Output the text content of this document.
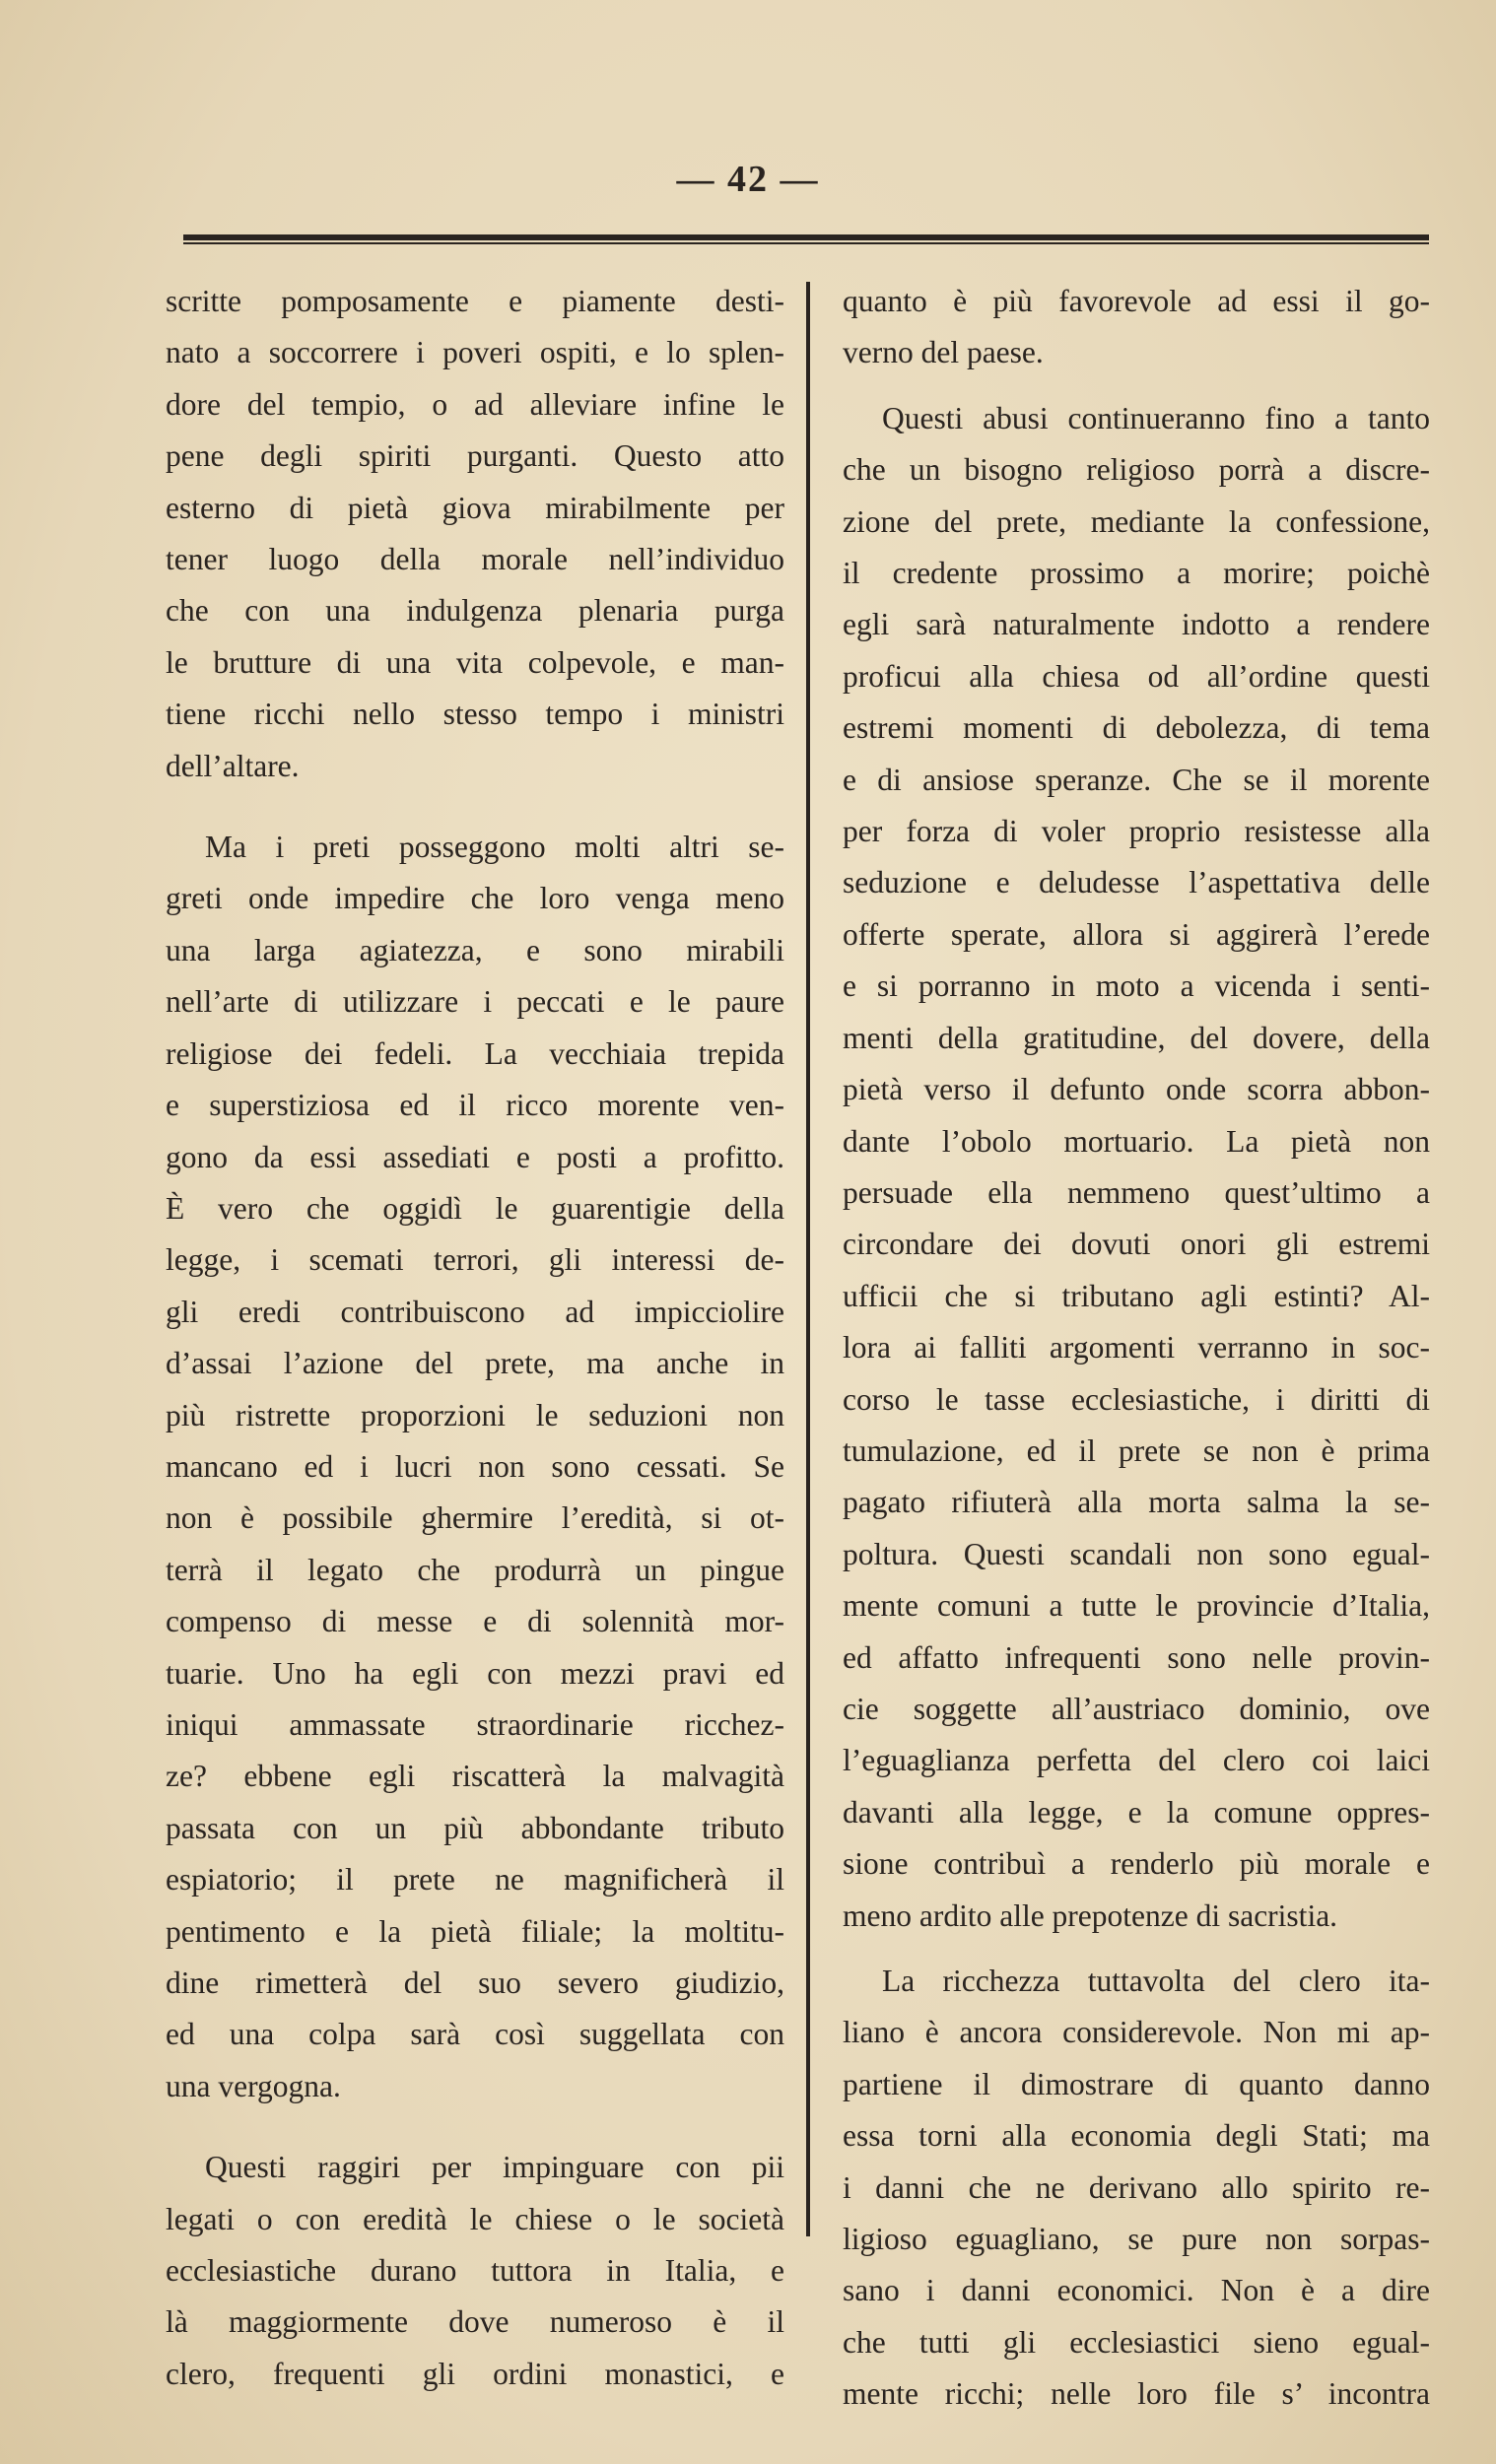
— 42 —
scritte pomposamente e piamente desti-
nato a soccorrere i poveri ospiti, e lo splen-
dore del tempio, o ad alleviare infine le
pene degli spiriti purganti. Questo atto
esterno di pietà giova mirabilmente per
tener luogo della morale nell’individuo
che con una indulgenza plenaria purga
le brutture di una vita colpevole, e man-
tiene ricchi nello stesso tempo i ministri
dell’altare.
Ma i preti posseggono molti altri se-
greti onde impedire che loro venga meno
una larga agiatezza, e sono mirabili
nell’arte di utilizzare i peccati e le paure
religiose dei fedeli. La vecchiaia trepida
e superstiziosa ed il ricco morente ven-
gono da essi assediati e posti a profitto.
È vero che oggidì le guarentigie della
legge, i scemati terrori, gli interessi de-
gli eredi contribuiscono ad impicciolire
d’assai l’azione del prete, ma anche in
più ristrette proporzioni le seduzioni non
mancano ed i lucri non sono cessati. Se
non è possibile ghermire l’eredità, si ot-
terrà il legato che produrrà un pingue
compenso di messe e di solennità mor-
tuarie. Uno ha egli con mezzi pravi ed
iniqui ammassate straordinarie ricchez-
ze? ebbene egli riscatterà la malvagità
passata con un più abbondante tributo
espiatorio; il prete ne magnificherà il
pentimento e la pietà filiale; la moltitu-
dine rimetterà del suo severo giudizio,
ed una colpa sarà così suggellata con
una vergogna.
Questi raggiri per impinguare con pii
legati o con eredità le chiese o le società
ecclesiastiche durano tuttora in Italia, e
là maggiormente dove numeroso è il
clero, frequenti gli ordini monastici, e
quanto è più favorevole ad essi il go-
verno del paese.
Questi abusi continueranno fino a tanto
che un bisogno religioso porrà a discre-
zione del prete, mediante la confessione,
il credente prossimo a morire; poichè
egli sarà naturalmente indotto a rendere
proficui alla chiesa od all’ordine questi
estremi momenti di debolezza, di tema
e di ansiose speranze. Che se il morente
per forza di voler proprio resistesse alla
seduzione e deludesse l’aspettativa delle
offerte sperate, allora si aggirerà l’erede
e si porranno in moto a vicenda i senti-
menti della gratitudine, del dovere, della
pietà verso il defunto onde scorra abbon-
dante l’obolo mortuario. La pietà non
persuade ella nemmeno quest’ultimo a
circondare dei dovuti onori gli estremi
ufficii che si tributano agli estinti? Al-
lora ai falliti argomenti verranno in soc-
corso le tasse ecclesiastiche, i diritti di
tumulazione, ed il prete se non è prima
pagato rifiuterà alla morta salma la se-
poltura. Questi scandali non sono egual-
mente comuni a tutte le provincie d’Italia,
ed affatto infrequenti sono nelle provin-
cie soggette all’austriaco dominio, ove
l’eguaglianza perfetta del clero coi laici
davanti alla legge, e la comune oppres-
sione contribuì a renderlo più morale e
meno ardito alle prepotenze di sacristia.
La ricchezza tuttavolta del clero ita-
liano è ancora considerevole. Non mi ap-
partiene il dimostrare di quanto danno
essa torni alla economia degli Stati; ma
i danni che ne derivano allo spirito re-
ligioso eguagliano, se pure non sorpas-
sano i danni economici. Non è a dire
che tutti gli ecclesiastici sieno egual-
mente ricchi; nelle loro file s’ incontra
